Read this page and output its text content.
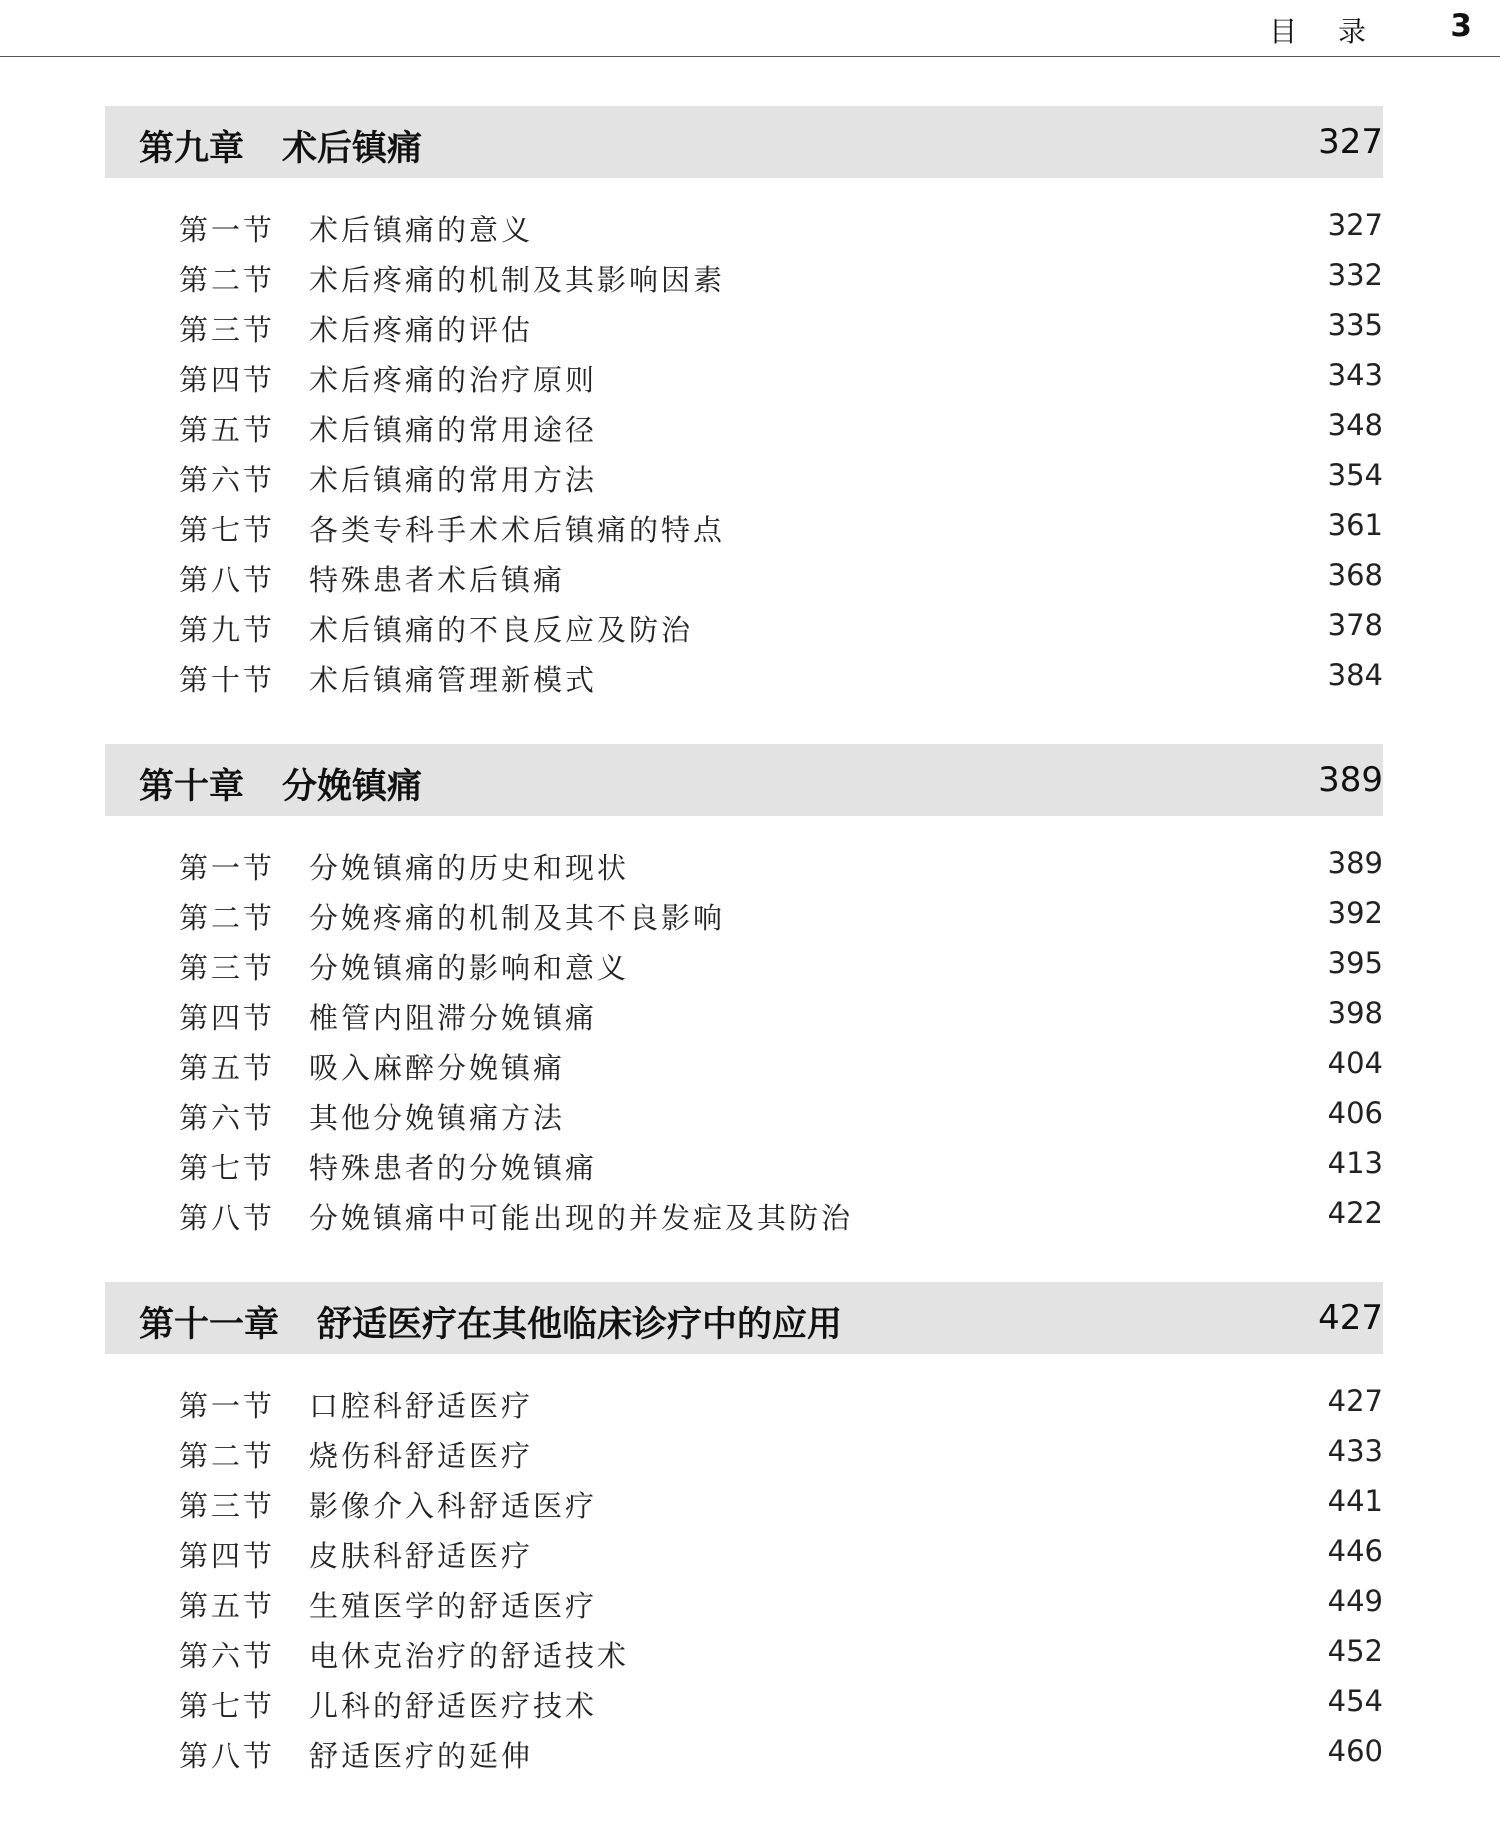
目 录 3
第九章 术后镇痛	327
第一节 术后镇痛的意义	327
第二节 术后疼痛的机制及其影响因素	332
第三节 术后疼痛的评估	335
第四节 术后疼痛的治疗原则	343
第五节 术后镇痛的常用途径	348
第六节 术后镇痛的常用方法	354
第七节 各类专科手术术后镇痛的特点	361
第八节 特殊患者术后镇痛	368
第九节 术后镇痛的不良反应及防治	378
第十节 术后镇痛管理新模式	384
第十章 分娩镇痛	389
第一节 分娩镇痛的历史和现状	389
第二节 分娩疼痛的机制及其不良影响	392
第三节 分娩镇痛的影响和意义	395
第四节 椎管内阻滞分娩镇痛	398
第五节 吸入麻醉分娩镇痛	404
第六节 其他分娩镇痛方法	406
第七节 特殊患者的分娩镇痛	413
第八节 分娩镇痛中可能出现的并发症及其防治	422
第十一章 舒适医疗在其他临床诊疗中的应用	427
第一节 口腔科舒适医疗	427
第二节 烧伤科舒适医疗	433
第三节 影像介入科舒适医疗	441
第四节 皮肤科舒适医疗	446
第五节 生殖医学的舒适医疗	449
第六节 电休克治疗的舒适技术	452
第七节 儿科的舒适医疗技术	454
第八节 舒适医疗的延伸	460
